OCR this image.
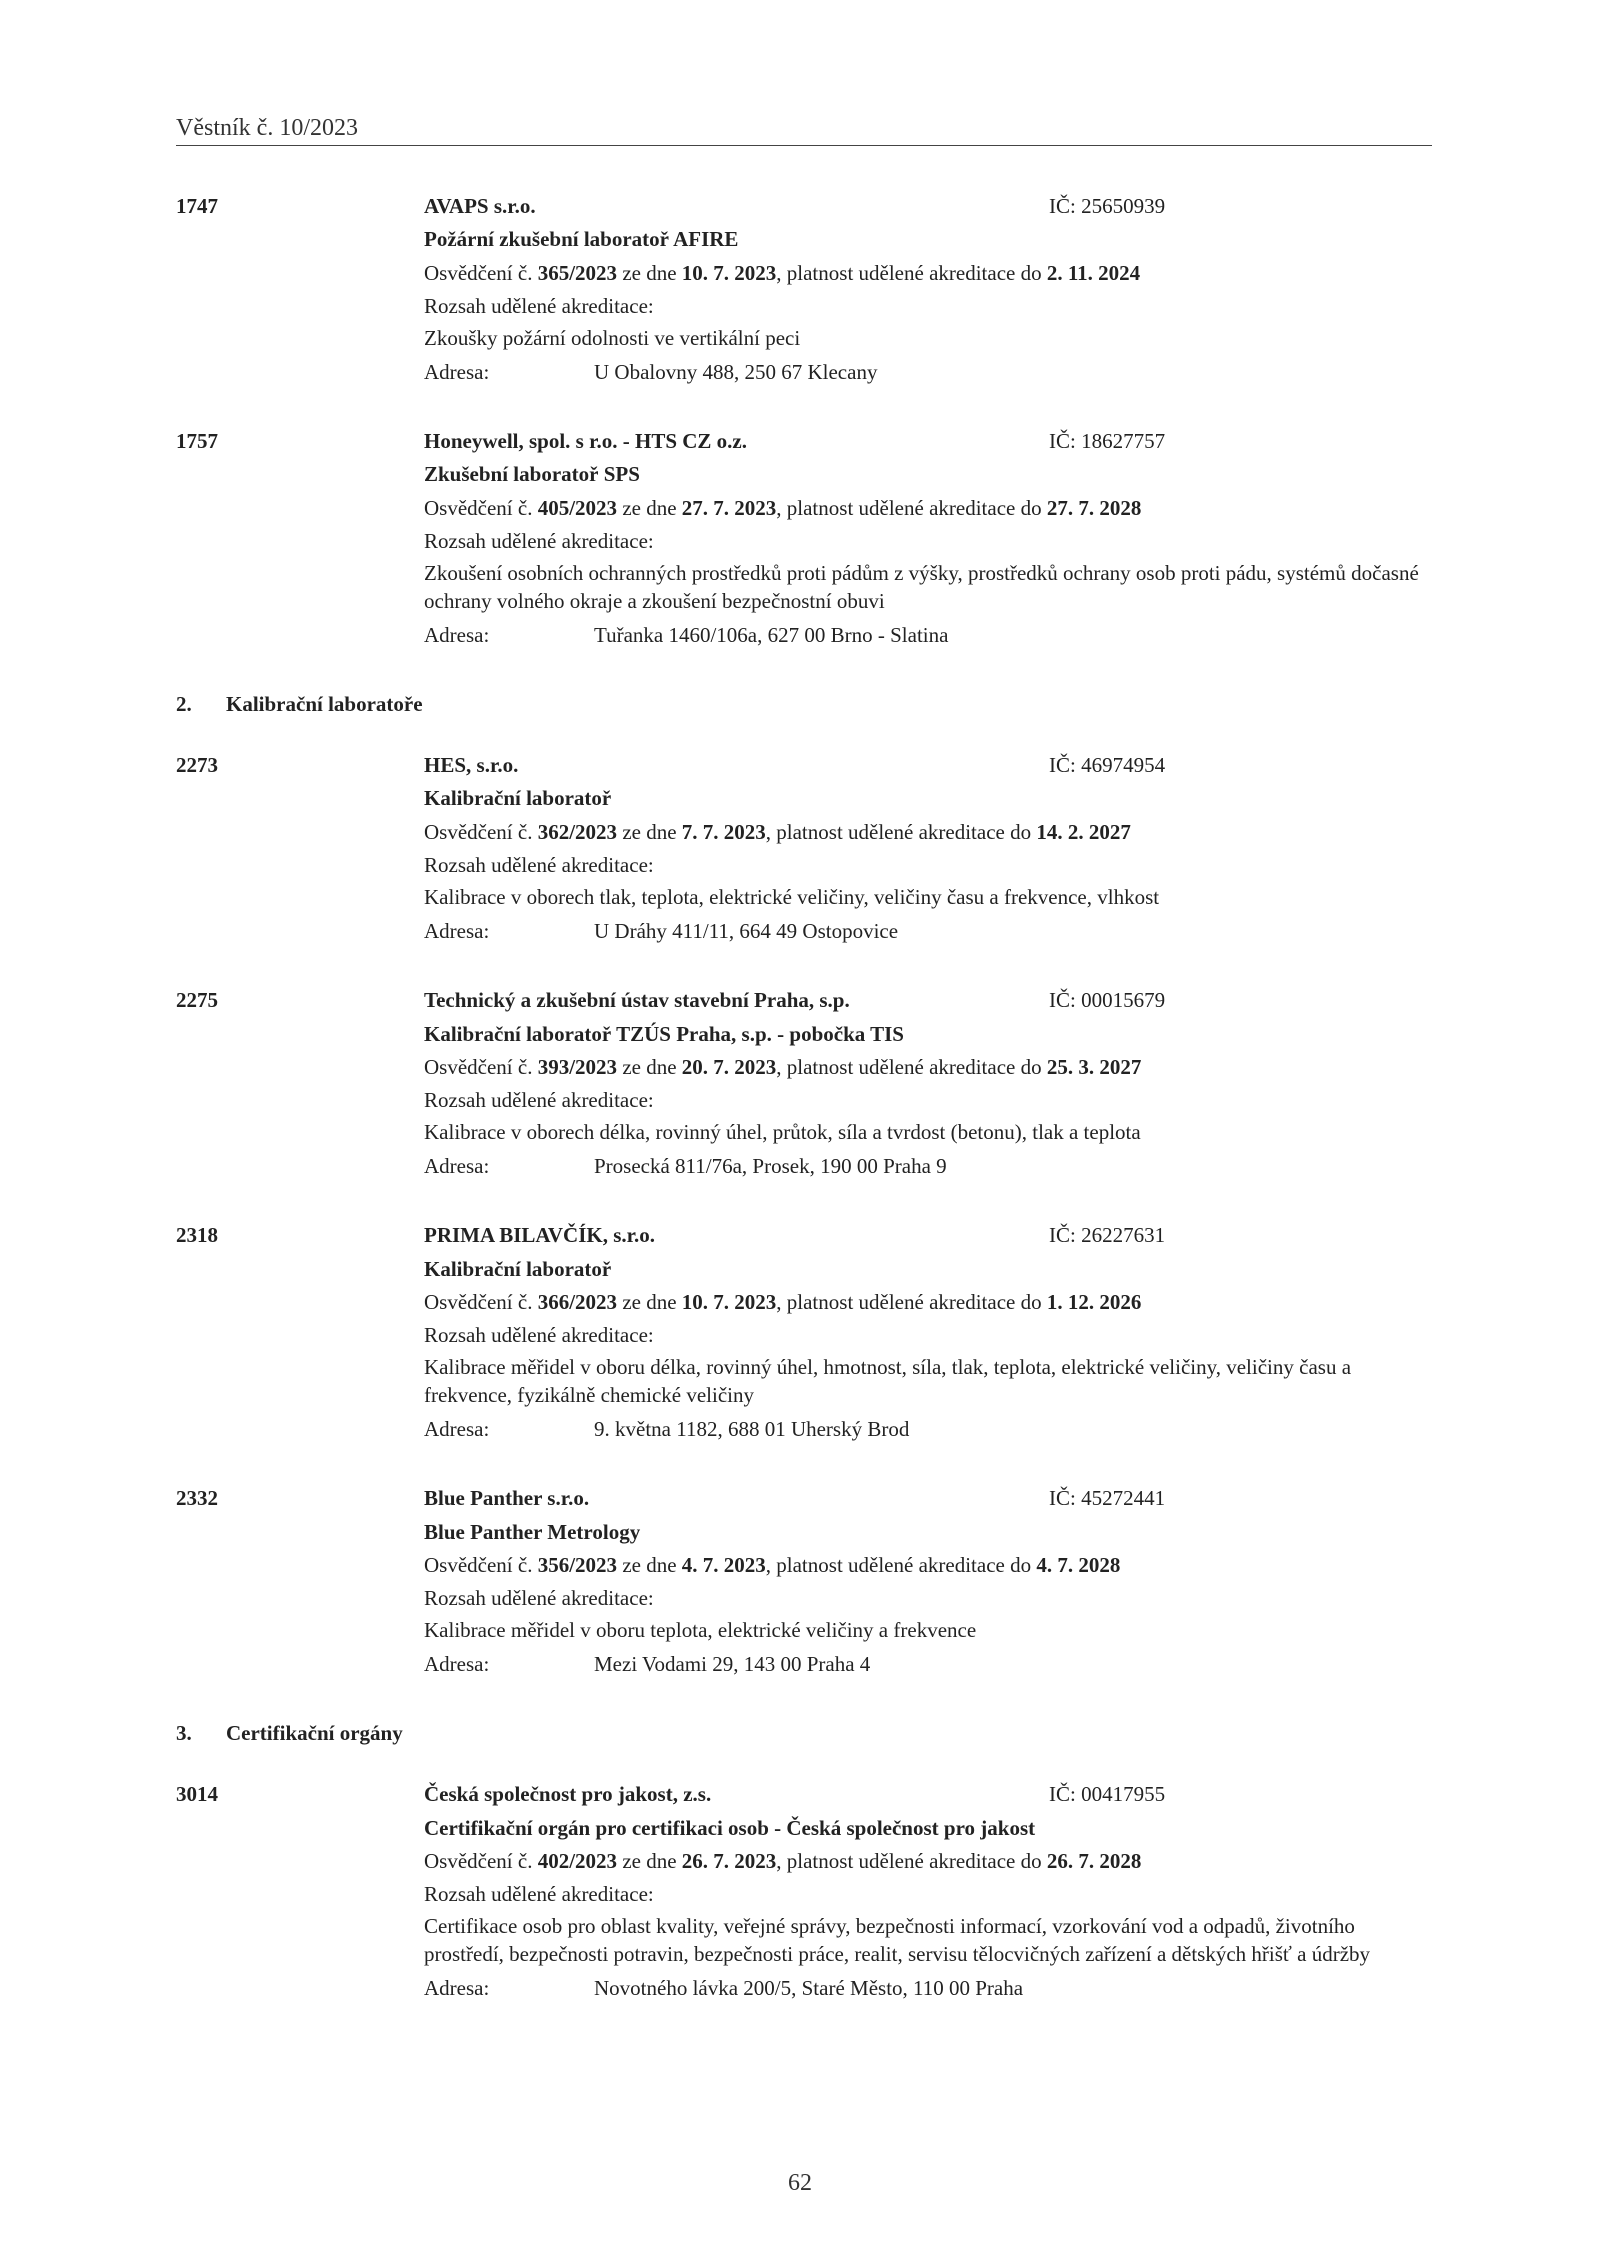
Věstník č. 10/2023
1747	AVAPS s.r.o.	IČ: 25650939
Požární zkušební laboratoř AFIRE
Osvědčení č. 365/2023 ze dne 10. 7. 2023, platnost udělené akreditace do 2. 11. 2024
Rozsah udělené akreditace:
Zkoušky požární odolnosti ve vertikální peci
Adresa:	U Obalovny 488, 250 67 Klecany
1757	Honeywell, spol. s r.o. - HTS CZ o.z.	IČ: 18627757
Zkušební laboratoř SPS
Osvědčení č. 405/2023 ze dne 27. 7. 2023, platnost udělené akreditace do 27. 7. 2028
Rozsah udělené akreditace:
Zkoušení osobních ochranných prostředků proti pádům z výšky, prostředků ochrany osob proti pádu, systémů dočasné ochrany volného okraje a zkoušení bezpečnostní obuvi
Adresa:	Tuřanka 1460/106a, 627 00 Brno - Slatina
2. Kalibrační laboratoře
2273	HES, s.r.o.	IČ: 46974954
Kalibrační laboratoř
Osvědčení č. 362/2023 ze dne 7. 7. 2023, platnost udělené akreditace do 14. 2. 2027
Rozsah udělené akreditace:
Kalibrace v oborech tlak, teplota, elektrické veličiny, veličiny času a frekvence, vlhkost
Adresa:	U Dráhy 411/11, 664 49 Ostopovice
2275	Technický a zkušební ústav stavební Praha, s.p.	IČ: 00015679
Kalibrační laboratoř TZÚS Praha, s.p. - pobočka TIS
Osvědčení č. 393/2023 ze dne 20. 7. 2023, platnost udělené akreditace do 25. 3. 2027
Rozsah udělené akreditace:
Kalibrace v oborech délka, rovinný úhel, průtok, síla a tvrdost (betonu), tlak a teplota
Adresa:	Prosecká 811/76a, Prosek, 190 00 Praha 9
2318	PRIMA BILAVČÍK, s.r.o.	IČ: 26227631
Kalibrační laboratoř
Osvědčení č. 366/2023 ze dne 10. 7. 2023, platnost udělené akreditace do 1. 12. 2026
Rozsah udělené akreditace:
Kalibrace měřidel v oboru délka, rovinný úhel, hmotnost, síla, tlak, teplota, elektrické veličiny, veličiny času a frekvence, fyzikálně chemické veličiny
Adresa:	9. května 1182, 688 01 Uherský Brod
2332	Blue Panther s.r.o.	IČ: 45272441
Blue Panther Metrology
Osvědčení č. 356/2023 ze dne 4. 7. 2023, platnost udělené akreditace do 4. 7. 2028
Rozsah udělené akreditace:
Kalibrace měřidel v oboru teplota, elektrické veličiny a frekvence
Adresa:	Mezi Vodami 29, 143 00 Praha 4
3. Certifikační orgány
3014	Česká společnost pro jakost, z.s.	IČ: 00417955
Certifikační orgán pro certifikaci osob - Česká společnost pro jakost
Osvědčení č. 402/2023 ze dne 26. 7. 2023, platnost udělené akreditace do 26. 7. 2028
Rozsah udělené akreditace:
Certifikace osob pro oblast kvality, veřejné správy, bezpečnosti informací, vzorkování vod a odpadů, životního prostředí, bezpečnosti potravin, bezpečnosti práce, realit, servisu tělocvičných zařízení a dětských hřišť a údržby
Adresa:	Novotného lávka 200/5, Staré Město, 110 00 Praha
62
